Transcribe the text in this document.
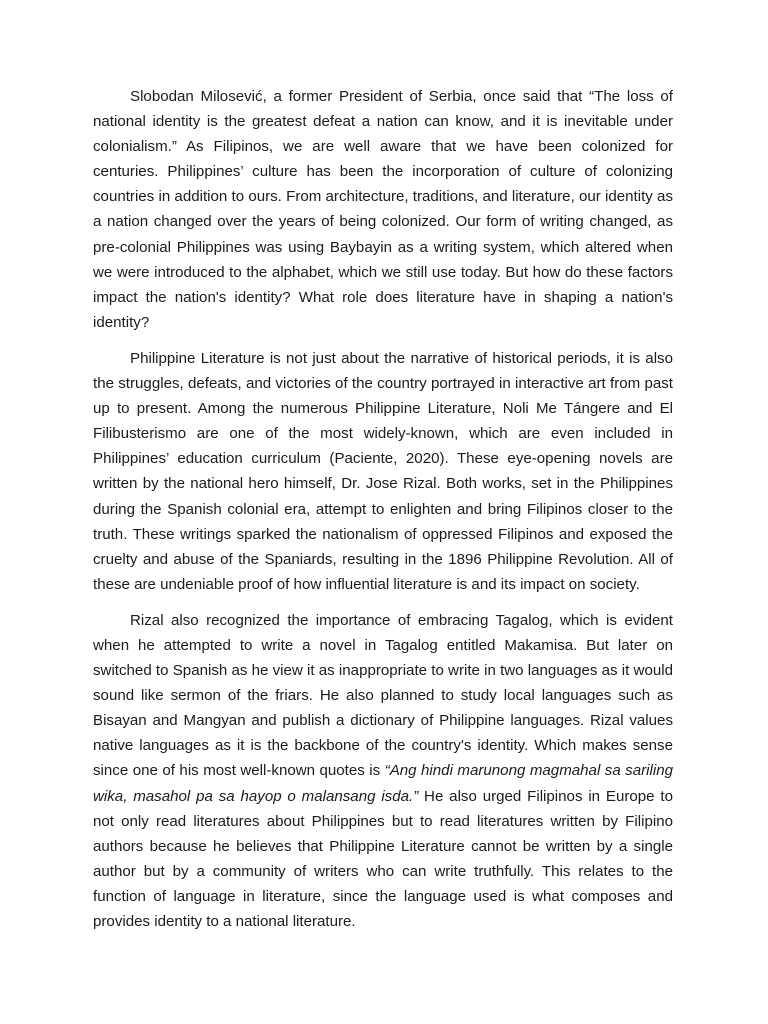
Slobodan Milosević, a former President of Serbia, once said that “The loss of national identity is the greatest defeat a nation can know, and it is inevitable under colonialism.” As Filipinos, we are well aware that we have been colonized for centuries. Philippines’ culture has been the incorporation of culture of colonizing countries in addition to ours. From architecture, traditions, and literature, our identity as a nation changed over the years of being colonized. Our form of writing changed, as pre-colonial Philippines was using Baybayin as a writing system, which altered when we were introduced to the alphabet, which we still use today. But how do these factors impact the nation's identity? What role does literature have in shaping a nation's identity?

Philippine Literature is not just about the narrative of historical periods, it is also the struggles, defeats, and victories of the country portrayed in interactive art from past up to present. Among the numerous Philippine Literature, Noli Me Tángere and El Filibusterismo are one of the most widely-known, which are even included in Philippines’ education curriculum (Paciente, 2020). These eye-opening novels are written by the national hero himself, Dr. Jose Rizal. Both works, set in the Philippines during the Spanish colonial era, attempt to enlighten and bring Filipinos closer to the truth. These writings sparked the nationalism of oppressed Filipinos and exposed the cruelty and abuse of the Spaniards, resulting in the 1896 Philippine Revolution. All of these are undeniable proof of how influential literature is and its impact on society.

Rizal also recognized the importance of embracing Tagalog, which is evident when he attempted to write a novel in Tagalog entitled Makamisa. But later on switched to Spanish as he view it as inappropriate to write in two languages as it would sound like sermon of the friars. He also planned to study local languages such as Bisayan and Mangyan and publish a dictionary of Philippine languages. Rizal values native languages as it is the backbone of the country's identity. Which makes sense since one of his most well-known quotes is “Ang hindi marunong magmahal sa sariling wika, masahol pa sa hayop o malansang isda.” He also urged Filipinos in Europe to not only read literatures about Philippines but to read literatures written by Filipino authors because he believes that Philippine Literature cannot be written by a single author but by a community of writers who can write truthfully. This relates to the function of language in literature, since the language used is what composes and provides identity to a national literature.
